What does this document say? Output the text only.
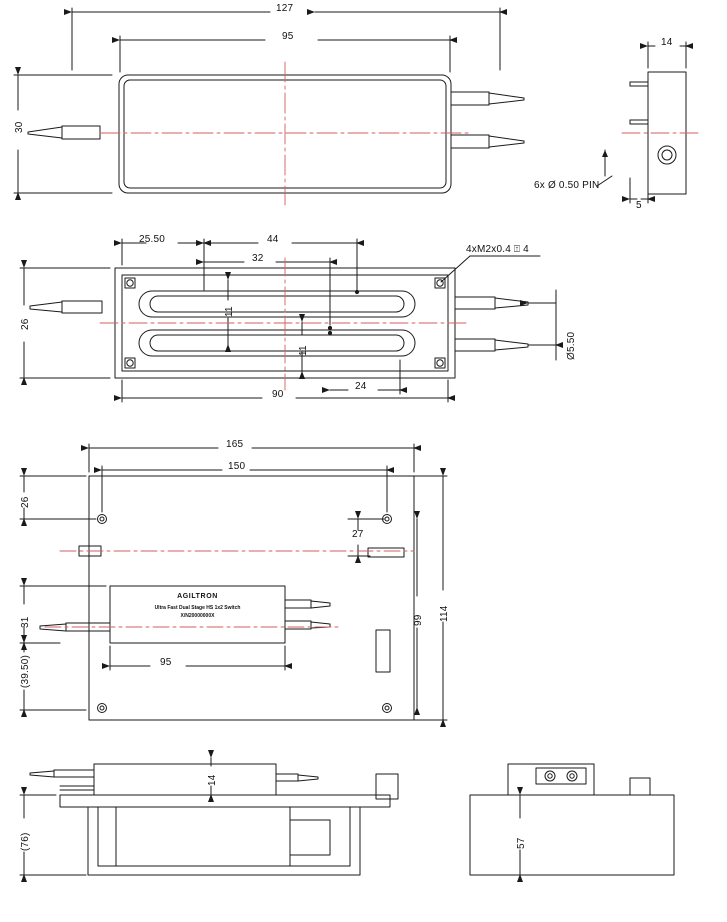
127
95
30
14
5
6x Ø 0.50 PIN
25.50	44
32
26
90
24
11
11
4xM2x0.4 ⍐ 4
Ø5.50
165
150
26
31
(39.50)
27
99 114
95
AGILTRON
Ultra Fast Dual Stage HS 1x2 Switch
X/N20000000X
14
(76)	57
